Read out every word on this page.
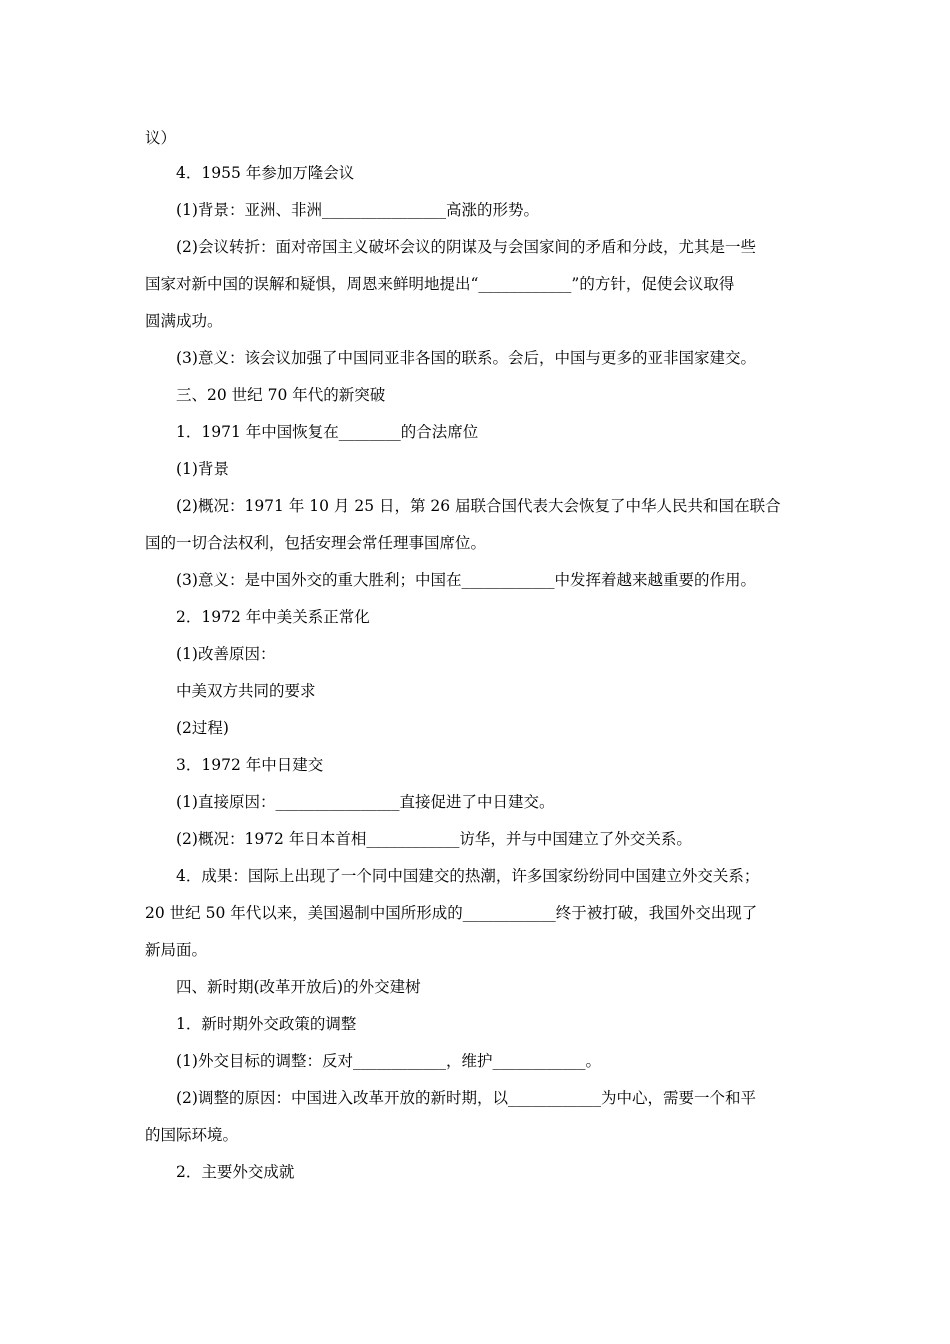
议）
4．1955 年参加万隆会议
(1)背景：亚洲、非洲________________高涨的形势。
(2)会议转折：面对帝国主义破坏会议的阴谋及与会国家间的矛盾和分歧，尤其是一些
国家对新中国的误解和疑惧，周恩来鲜明地提出“____________”的方针，促使会议取得
圆满成功。
(3)意义：该会议加强了中国同亚非各国的联系。会后，中国与更多的亚非国家建交。
三、20 世纪 70 年代的新突破
1．1971 年中国恢复在________的合法席位
(1)背景
(2)概况：1971 年 10 月 25 日，第 26 届联合国代表大会恢复了中华人民共和国在联合
国的一切合法权利，包括安理会常任理事国席位。
(3)意义：是中国外交的重大胜利；中国在____________中发挥着越来越重要的作用。
2．1972 年中美关系正常化
(1)改善原因：
中美双方共同的要求
(2过程)
3．1972 年中日建交
(1)直接原因：________________直接促进了中日建交。
(2)概况：1972 年日本首相____________访华，并与中国建立了外交关系。
4．成果：国际上出现了一个同中国建交的热潮，许多国家纷纷同中国建立外交关系；
20 世纪 50 年代以来，美国遏制中国所形成的____________终于被打破，我国外交出现了
新局面。
四、新时期(改革开放后)的外交建树
1．新时期外交政策的调整
(1)外交目标的调整：反对____________，维护____________。
(2)调整的原因：中国进入改革开放的新时期，以____________为中心，需要一个和平
的国际环境。
2．主要外交成就
